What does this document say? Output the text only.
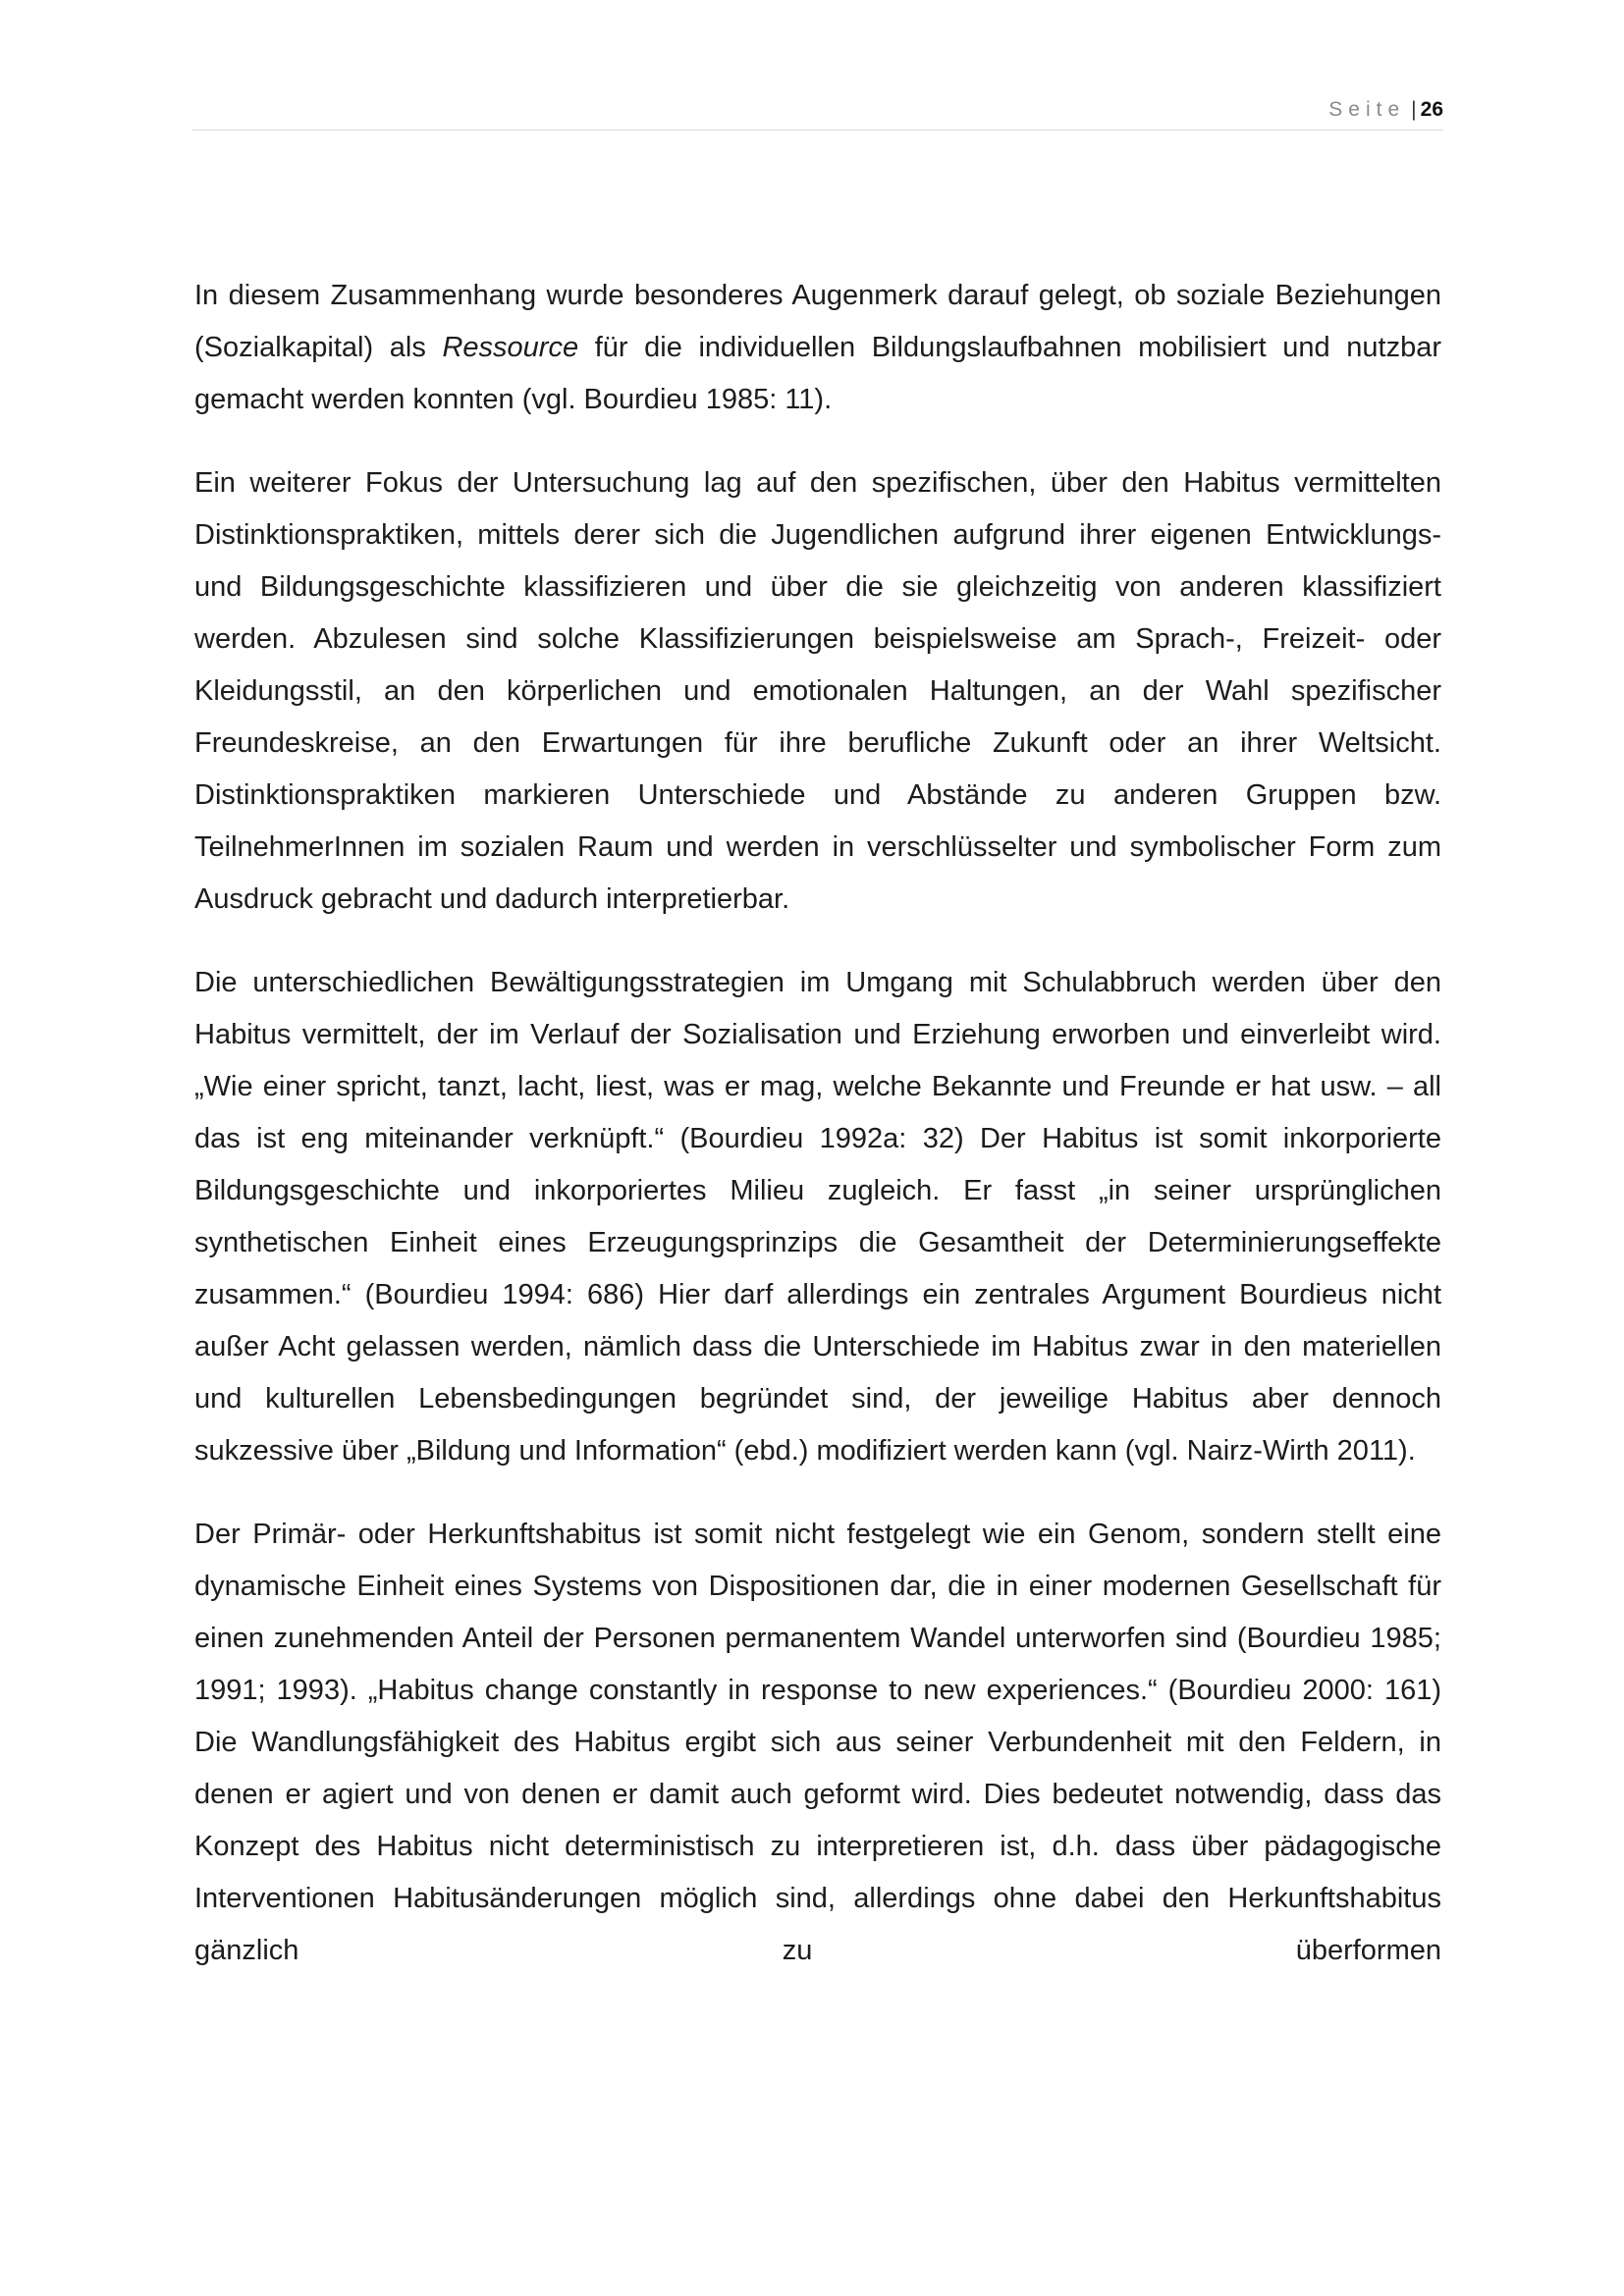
Seite | 26

In diesem Zusammenhang wurde besonderes Augenmerk darauf gelegt, ob soziale Beziehungen (Sozialkapital) als Ressource für die individuellen Bildungslaufbahnen mobilisiert und nutzbar gemacht werden konnten (vgl. Bourdieu 1985: 11).

Ein weiterer Fokus der Untersuchung lag auf den spezifischen, über den Habitus vermittelten Distinktionspraktiken, mittels derer sich die Jugendlichen aufgrund ihrer eigenen Entwicklungs- und Bildungsgeschichte klassifizieren und über die sie gleichzeitig von anderen klassifiziert werden. Abzulesen sind solche Klassifizierungen beispielsweise am Sprach-, Freizeit- oder Kleidungsstil, an den körperlichen und emotionalen Haltungen, an der Wahl spezifischer Freundeskreise, an den Erwartungen für ihre berufliche Zukunft oder an ihrer Weltsicht. Distinktionspraktiken markieren Unterschiede und Abstände zu anderen Gruppen bzw. TeilnehmerInnen im sozialen Raum und werden in verschlüsselter und symbolischer Form zum Ausdruck gebracht und dadurch interpretierbar.

Die unterschiedlichen Bewältigungsstrategien im Umgang mit Schulabbruch werden über den Habitus vermittelt, der im Verlauf der Sozialisation und Erziehung erworben und einverleibt wird. „Wie einer spricht, tanzt, lacht, liest, was er mag, welche Bekannte und Freunde er hat usw. – all das ist eng miteinander verknüpft.“ (Bourdieu 1992a: 32) Der Habitus ist somit inkorporierte Bildungsgeschichte und inkorporiertes Milieu zugleich. Er fasst „in seiner ursprünglichen synthetischen Einheit eines Erzeugungsprinzips die Gesamtheit der Determinierungseffekte zusammen.“ (Bourdieu 1994: 686) Hier darf allerdings ein zentrales Argument Bourdieus nicht außer Acht gelassen werden, nämlich dass die Unterschiede im Habitus zwar in den materiellen und kulturellen Lebensbedingungen begründet sind, der jeweilige Habitus aber dennoch sukzessive über „Bildung und Information“ (ebd.) modifiziert werden kann (vgl. Nairz-Wirth 2011).

Der Primär- oder Herkunftshabitus ist somit nicht festgelegt wie ein Genom, sondern stellt eine dynamische Einheit eines Systems von Dispositionen dar, die in einer modernen Gesellschaft für einen zunehmenden Anteil der Personen permanentem Wandel unterworfen sind (Bourdieu 1985; 1991; 1993). „Habitus change constantly in response to new experiences.“ (Bourdieu 2000: 161) Die Wandlungsfähigkeit des Habitus ergibt sich aus seiner Verbundenheit mit den Feldern, in denen er agiert und von denen er damit auch geformt wird. Dies bedeutet notwendig, dass das Konzept des Habitus nicht deterministisch zu interpretieren ist, d.h. dass über pädagogische Interventionen Habitusänderungen möglich sind, allerdings ohne dabei den Herkunftshabitus gänzlich zu überformen
